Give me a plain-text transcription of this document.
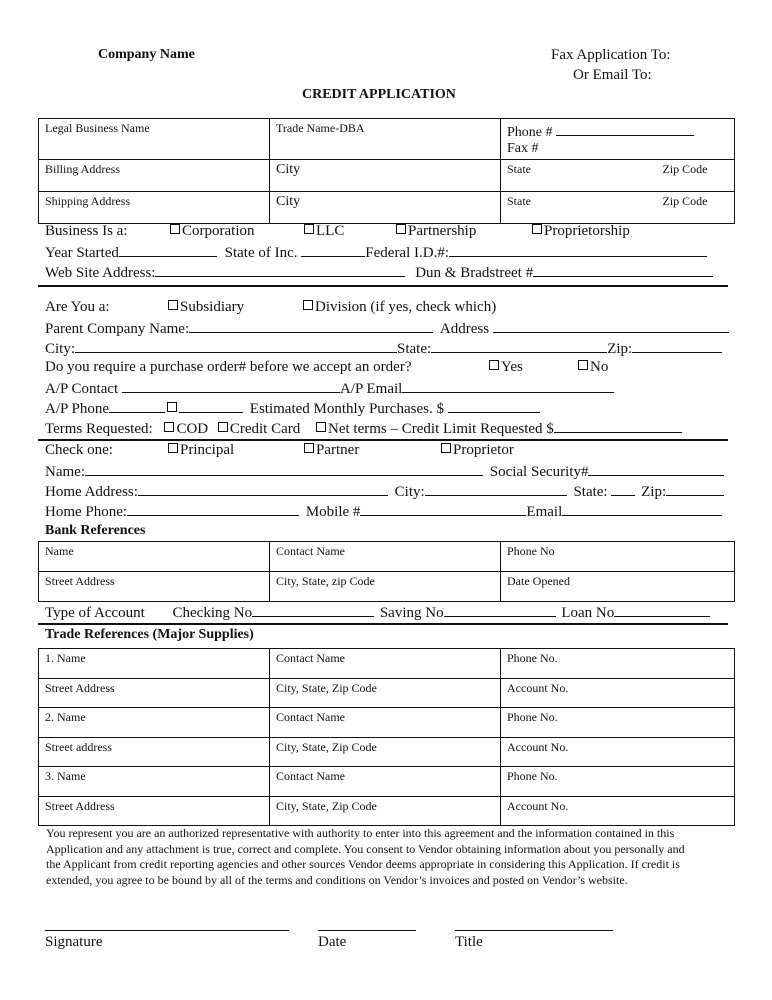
Company Name	Fax Application To:
Or Email To:
CREDIT APPLICATION
Legal Business Name	Trade Name-DBA	Phone #
Fax #
Billing Address	City	State Zip Code

Shipping Address	City	State Zip Code
Business Is a:	Corporation	LLC	Partnership	Proprietorship
Year Started	State of Inc.	Federal I.D.#:
Web Site Address:	Dun & Bradstreet #
Are You a:	Subsidiary	Division (if yes, check which)
Parent Company Name:	Address
City:	State:	Zip:
Do you require a purchase order# before we accept an order?	Yes	No
A/P Contact	A/P Email
A/P Phone	Estimated Monthly Purchases. $
Terms Requested: COD Credit Card Net terms – Credit Limit Requested $
Check one:	Principal	Partner	Proprietor
Name:	Social Security#
Home Address:	City:	State: Zip:
Home Phone:	Mobile #	Email
Bank References
Name	Contact Name	Phone No
Street Address	City, State, zip Code	Date Opened
Type of Account Checking No	Saving No	Loan No
Trade References (Major Supplies)
1. Name	Contact Name	Phone No.
Street Address	City, State, Zip Code	Account No.
2. Name	Contact Name	Phone No.
Street address	City, State, Zip Code	Account No.
3. Name	Contact Name	Phone No.
Street Address	City, State, Zip Code	Account No.
You represent you are an authorized representative with authority to enter into this agreement and the information contained in this
Application and any attachment is true, correct and complete. You consent to Vendor obtaining information about you personally and
the Applicant from credit reporting agencies and other sources Vendor deems appropriate in considering this Application. If credit is
extended, you agree to be bound by all of the terms and conditions on Vendor’s invoices and posted on Vendor’s website.
Signature	Date	Title
